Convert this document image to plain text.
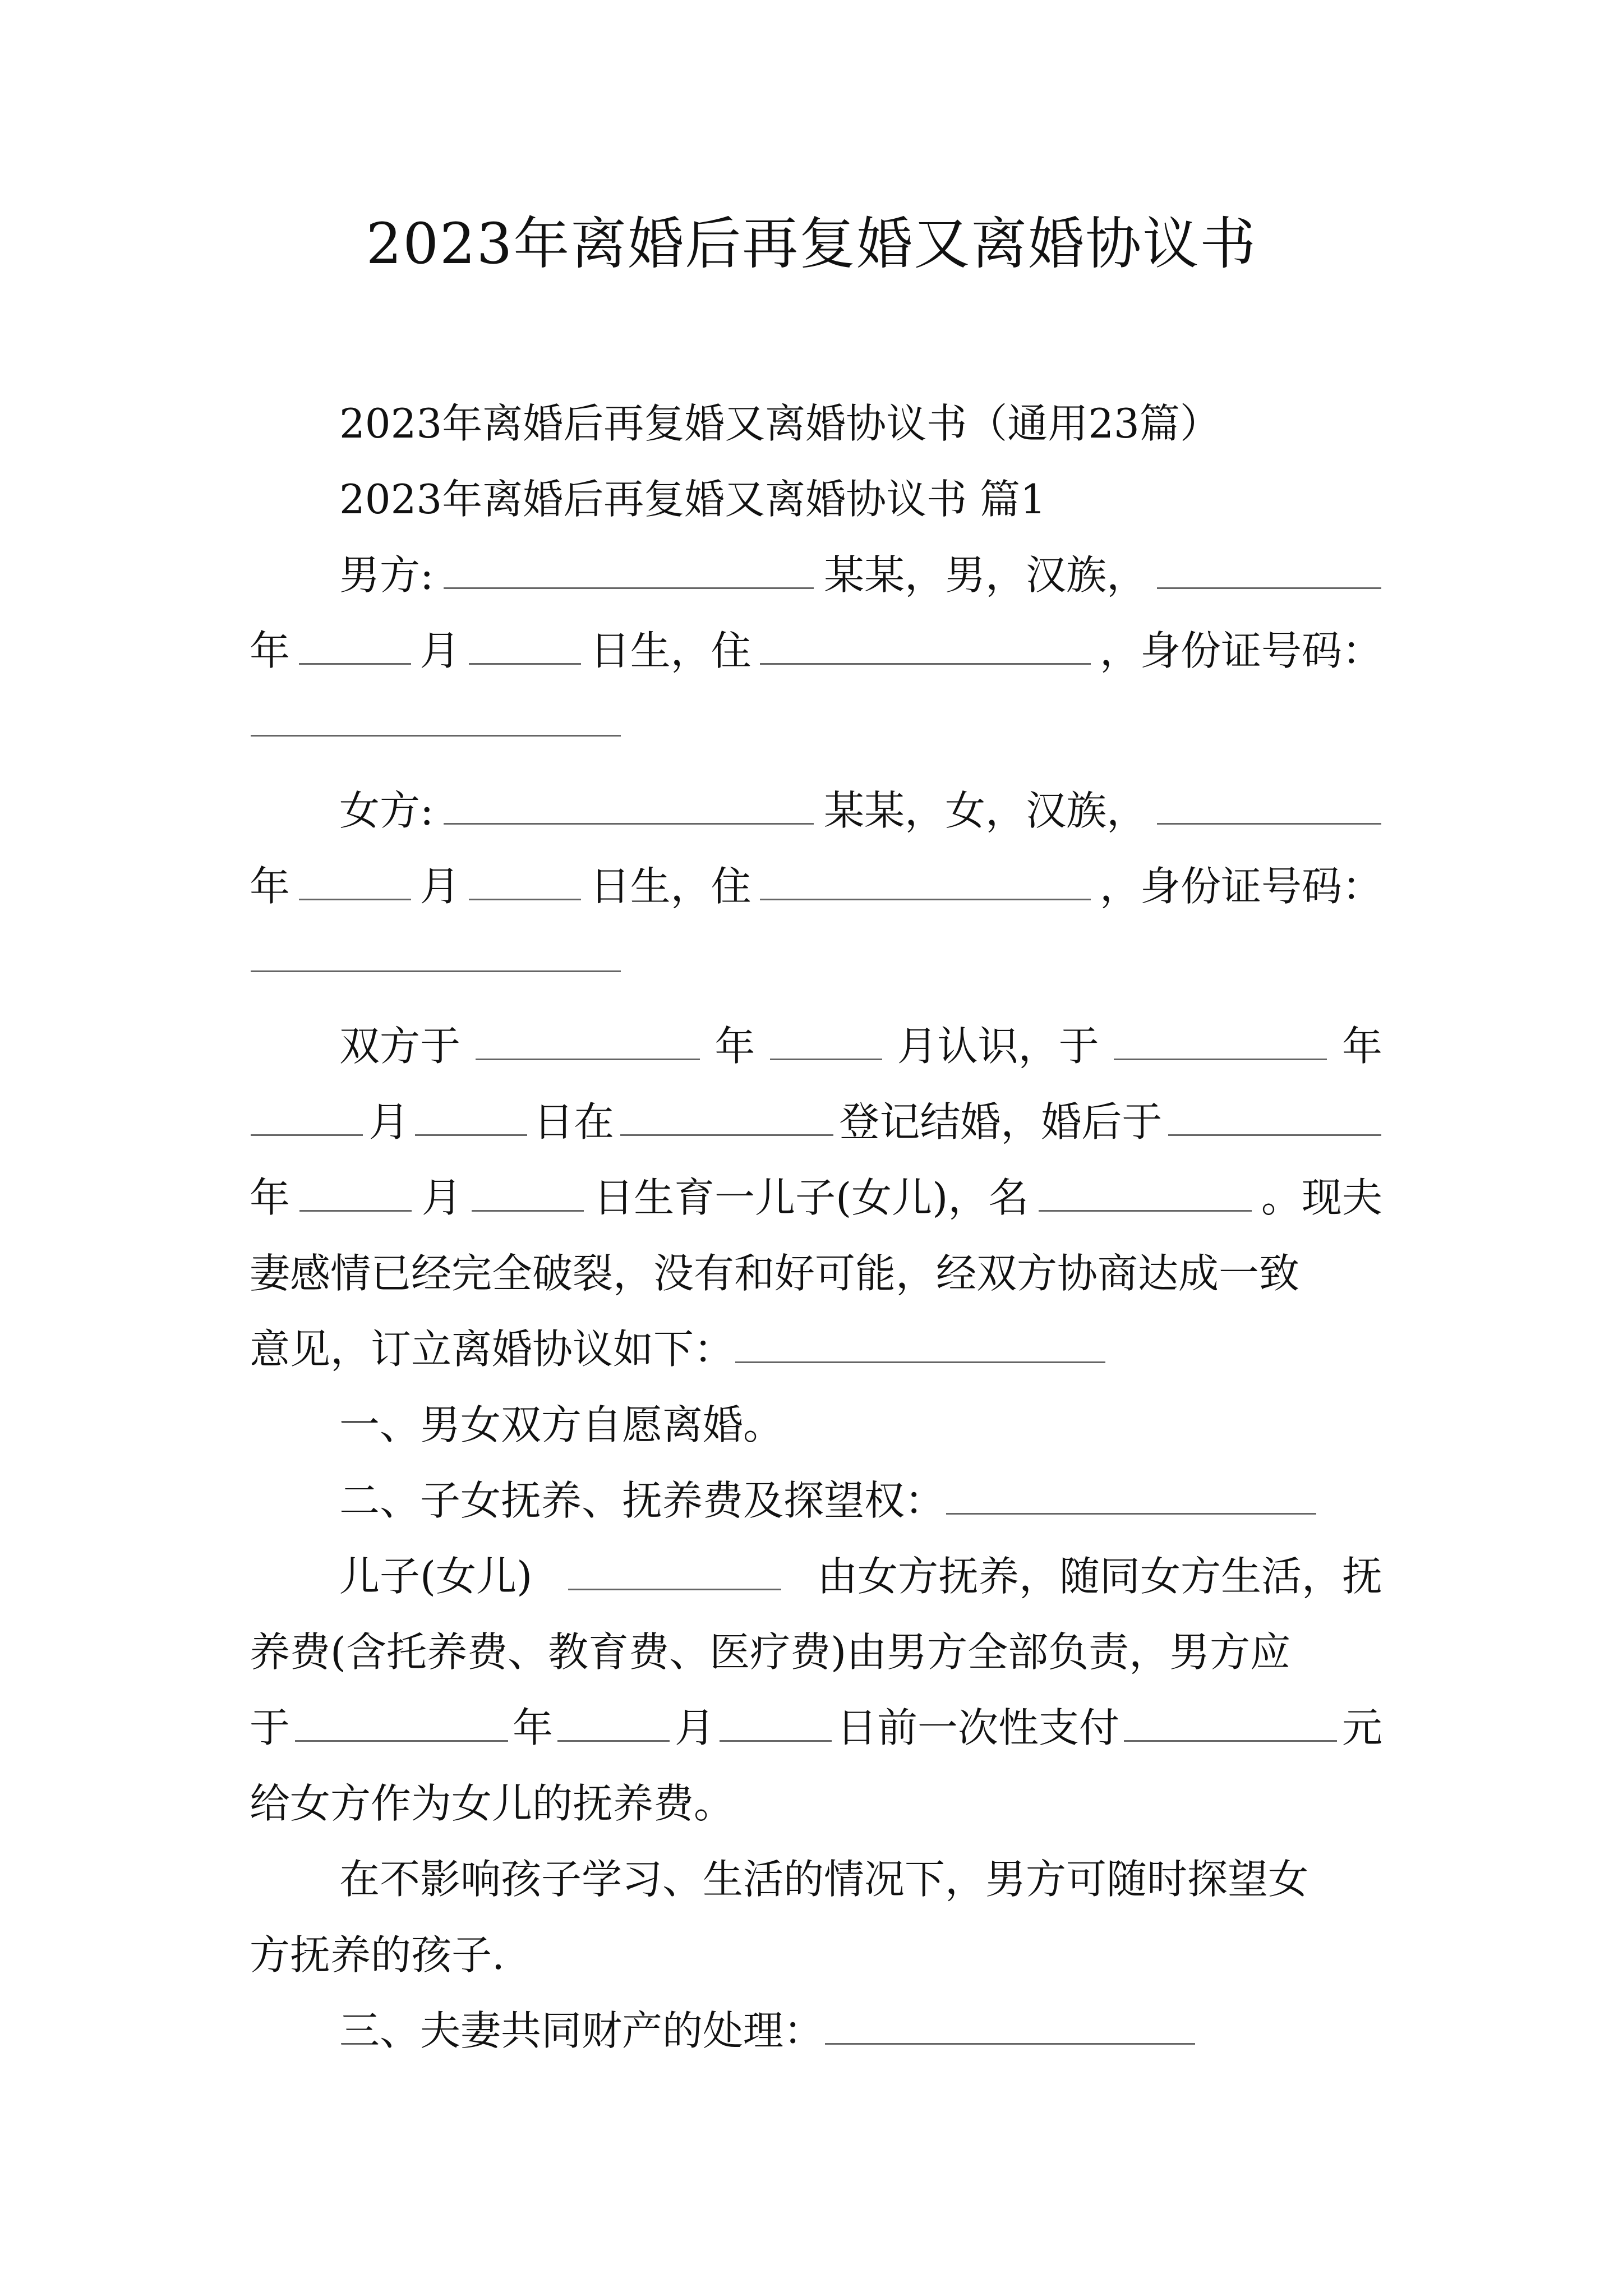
2023年离婚后再复婚又离婚协议书
2023年离婚后再复婚又离婚协议书（通用23篇）
2023年离婚后再复婚又离婚协议书 篇1
男方:	某某，男，汉族，
年	月	日生，住	，身份证号码：
女方:	某某，女，汉族，
年	月	日生，住	，身份证号码：
双方于	年	月认识，于	年
月	日在	登记结婚，婚后于
年	月	日生育一儿子(女儿)，名	。现夫
妻感情已经完全破裂，没有和好可能，经双方协商达成一致
意见，订立离婚协议如下：
一、男女双方自愿离婚。
二、子女抚养、抚养费及探望权：
儿子(女儿)	由女方抚养，随同女方生活，抚
养费(含托养费、教育费、医疗费)由男方全部负责，男方应
于	年	月	日前一次性支付	元
给女方作为女儿的抚养费。
在不影响孩子学习、生活的情况下，男方可随时探望女
方抚养的孩子.
三、夫妻共同财产的处理：
